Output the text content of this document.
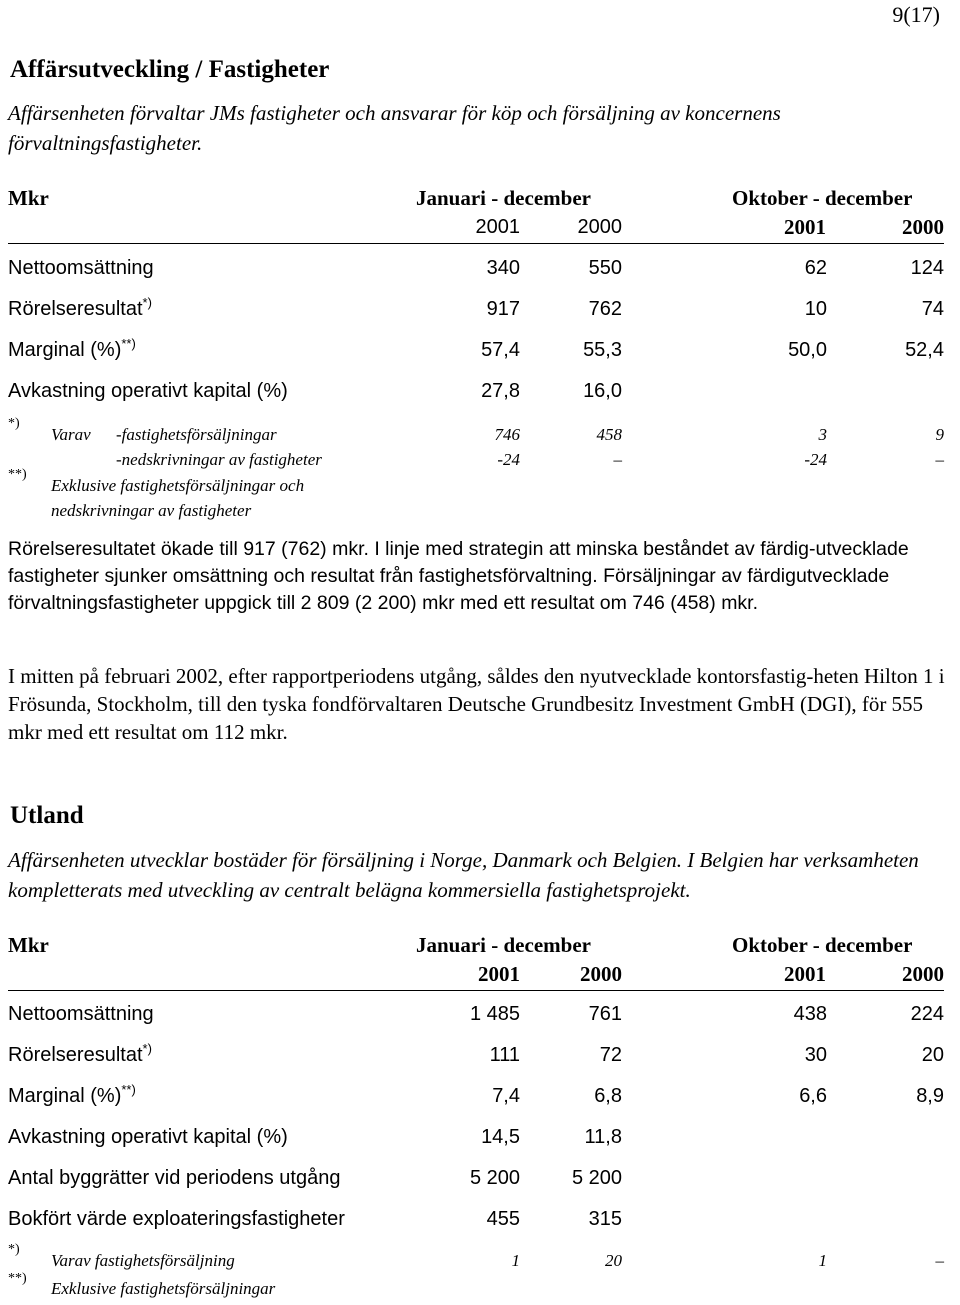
9(17)
Affärsutveckling / Fastigheter
Affärsenheten förvaltar JMs fastigheter och ansvarar för köp och försäljning av koncernens förvaltningsfastigheter.
Mkr	Januari - december	Oktober - december
2001	2000	2001	2000
Nettoomsättning	340	550	62	124
Rörelseresultat*)	917	762	10	74
Marginal (%)**)	57,4	55,3	50,0	52,4
Avkastning operativt kapital (%)	27,8	16,0
*)
Varav -fastighetsförsäljningar	746	458	3	9
-nedskrivningar av fastigheter	-24	–	-24	–
**)
Exklusive fastighetsförsäljningar och
nedskrivningar av fastigheter
Rörelseresultatet ökade till 917 (762) mkr. I linje med strategin att minska beståndet av färdig-utvecklade fastigheter sjunker omsättning och resultat från fastighetsförvaltning. Försäljningar av färdigutvecklade förvaltningsfastigheter uppgick till 2 809 (2 200) mkr med ett resultat om 746 (458) mkr.
I mitten på februari 2002, efter rapportperiodens utgång, såldes den nyutvecklade kontorsfastig-heten Hilton 1 i Frösunda, Stockholm, till den tyska fondförvaltaren Deutsche Grundbesitz Investment GmbH (DGI), för 555 mkr med ett resultat om 112 mkr.
Utland
Affärsenheten utvecklar bostäder för försäljning i Norge, Danmark och Belgien. I Belgien har verksamheten kompletterats med utveckling av centralt belägna kommersiella fastighetsprojekt.
Mkr	Januari - december	Oktober - december
2001	2000	2001	2000
Nettoomsättning	1 485	761	438	224
Rörelseresultat*)	111	72	30	20
Marginal (%)**)	7,4	6,8	6,6	8,9
Avkastning operativt kapital (%)	14,5	11,8
Antal byggrätter vid periodens utgång	5 200	5 200
Bokfört värde exploateringsfastigheter	455	315
*)
Varav fastighetsförsäljning	1	20	1	–
**)
Exklusive fastighetsförsäljningar
